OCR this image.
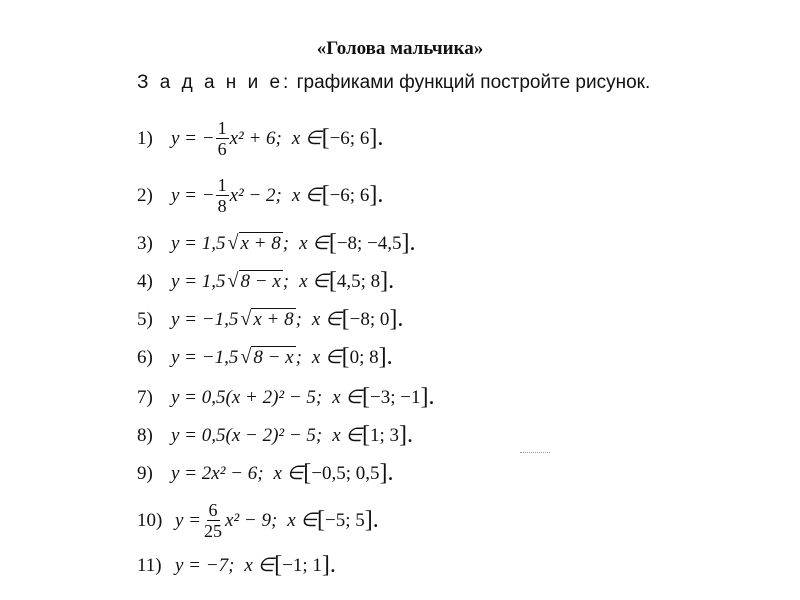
«Голова мальчика»
З а д а н и е: графиками функций постройте рисунок.
1) y = − $\frac{1}{6} x^2 + 6$; x ∈ [ −6; 6 ].
2) y = − $\frac{1}{8} x^2 - 2$; x ∈ [ −6; 6 ].
3) y = 1,5 √ x + 8 ; x ∈ [ −8; −4,5 ].
4) y = 1,5 √ 8 − x ; x ∈ [ 4,5; 8 ].
5) y = −1,5 √ x + 8 ; x ∈ [ −8; 0 ].
6) y = −1,5 √ 8 − x ; x ∈ [ 0; 8 ].
7) y = 0,5(x + 2)² − 5; x ∈ [ −3; −1 ].
8) y = 0,5(x − 2)² − 5; x ∈ [ 1; 3 ].
9) y = 2x² − 6; x ∈ [ −0,5; 0,5 ].
10) $y = \frac{6}{25} x^2 - 9$; x ∈ [ −5; 5 ].
11) y = −7; x ∈ [ −1; 1 ].
